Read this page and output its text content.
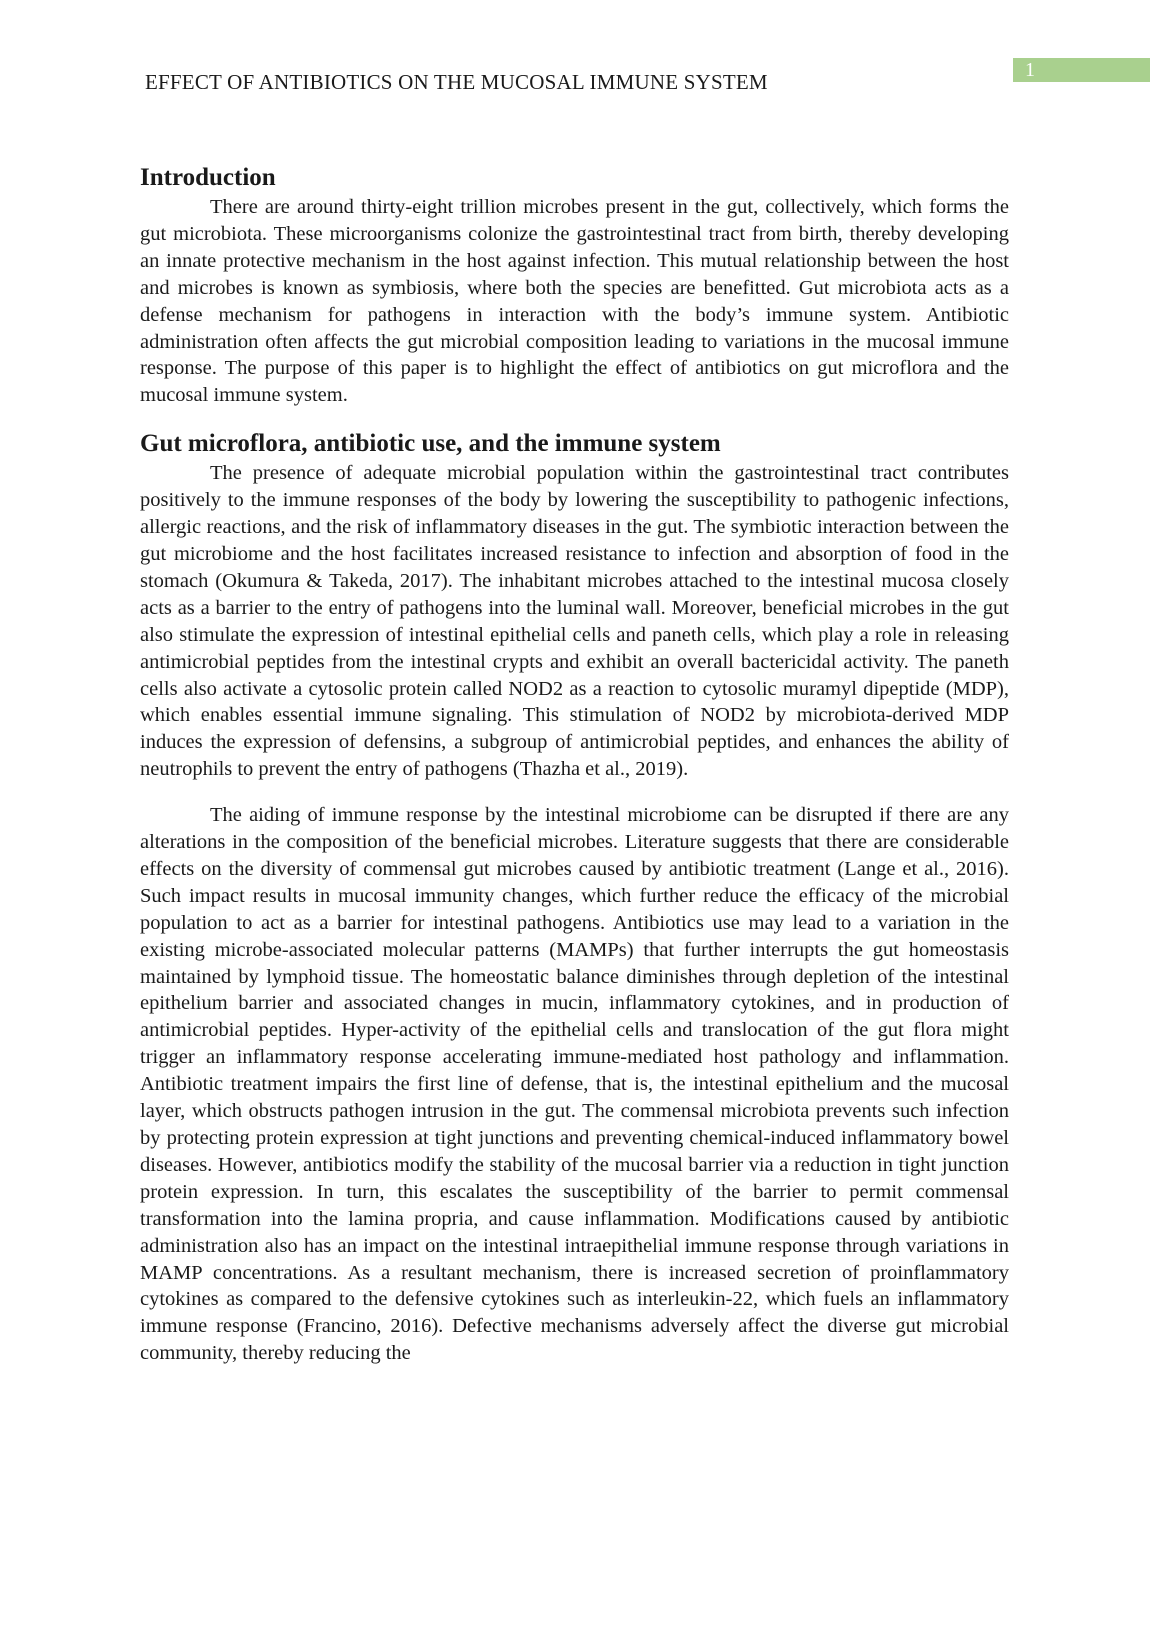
EFFECT OF ANTIBIOTICS ON THE MUCOSAL IMMUNE SYSTEM	1
Introduction

There are around thirty-eight trillion microbes present in the gut, collectively, which forms the gut microbiota. These microorganisms colonize the gastrointestinal tract from birth, thereby developing an innate protective mechanism in the host against infection. This mutual relationship between the host and microbes is known as symbiosis, where both the species are benefitted. Gut microbiota acts as a defense mechanism for pathogens in interaction with the body’s immune system. Antibiotic administration often affects the gut microbial composition leading to variations in the mucosal immune response. The purpose of this paper is to highlight the effect of antibiotics on gut microflora and the mucosal immune system.

Gut microflora, antibiotic use, and the immune system

The presence of adequate microbial population within the gastrointestinal tract contributes positively to the immune responses of the body by lowering the susceptibility to pathogenic infections, allergic reactions, and the risk of inflammatory diseases in the gut. The symbiotic interaction between the gut microbiome and the host facilitates increased resistance to infection and absorption of food in the stomach (Okumura & Takeda, 2017). The inhabitant microbes attached to the intestinal mucosa closely acts as a barrier to the entry of pathogens into the luminal wall. Moreover, beneficial microbes in the gut also stimulate the expression of intestinal epithelial cells and paneth cells, which play a role in releasing antimicrobial peptides from the intestinal crypts and exhibit an overall bactericidal activity. The paneth cells also activate a cytosolic protein called NOD2 as a reaction to cytosolic muramyl dipeptide (MDP), which enables essential immune signaling. This stimulation of NOD2 by microbiota-derived MDP induces the expression of defensins, a subgroup of antimicrobial peptides, and enhances the ability of neutrophils to prevent the entry of pathogens (Thazha et al., 2019).

The aiding of immune response by the intestinal microbiome can be disrupted if there are any alterations in the composition of the beneficial microbes. Literature suggests that there are considerable effects on the diversity of commensal gut microbes caused by antibiotic treatment (Lange et al., 2016). Such impact results in mucosal immunity changes, which further reduce the efficacy of the microbial population to act as a barrier for intestinal pathogens. Antibiotics use may lead to a variation in the existing microbe-associated molecular patterns (MAMPs) that further interrupts the gut homeostasis maintained by lymphoid tissue. The homeostatic balance diminishes through depletion of the intestinal epithelium barrier and associated changes in mucin, inflammatory cytokines, and in production of antimicrobial peptides. Hyper-activity of the epithelial cells and translocation of the gut flora might trigger an inflammatory response accelerating immune-mediated host pathology and inflammation. Antibiotic treatment impairs the first line of defense, that is, the intestinal epithelium and the mucosal layer, which obstructs pathogen intrusion in the gut. The commensal microbiota prevents such infection by protecting protein expression at tight junctions and preventing chemical-induced inflammatory bowel diseases. However, antibiotics modify the stability of the mucosal barrier via a reduction in tight junction protein expression. In turn, this escalates the susceptibility of the barrier to permit commensal transformation into the lamina propria, and cause inflammation. Modifications caused by antibiotic administration also has an impact on the intestinal intraepithelial immune response through variations in MAMP concentrations. As a resultant mechanism, there is increased secretion of proinflammatory cytokines as compared to the defensive cytokines such as interleukin-22, which fuels an inflammatory immune response (Francino, 2016). Defective mechanisms adversely affect the diverse gut microbial community, thereby reducing the
